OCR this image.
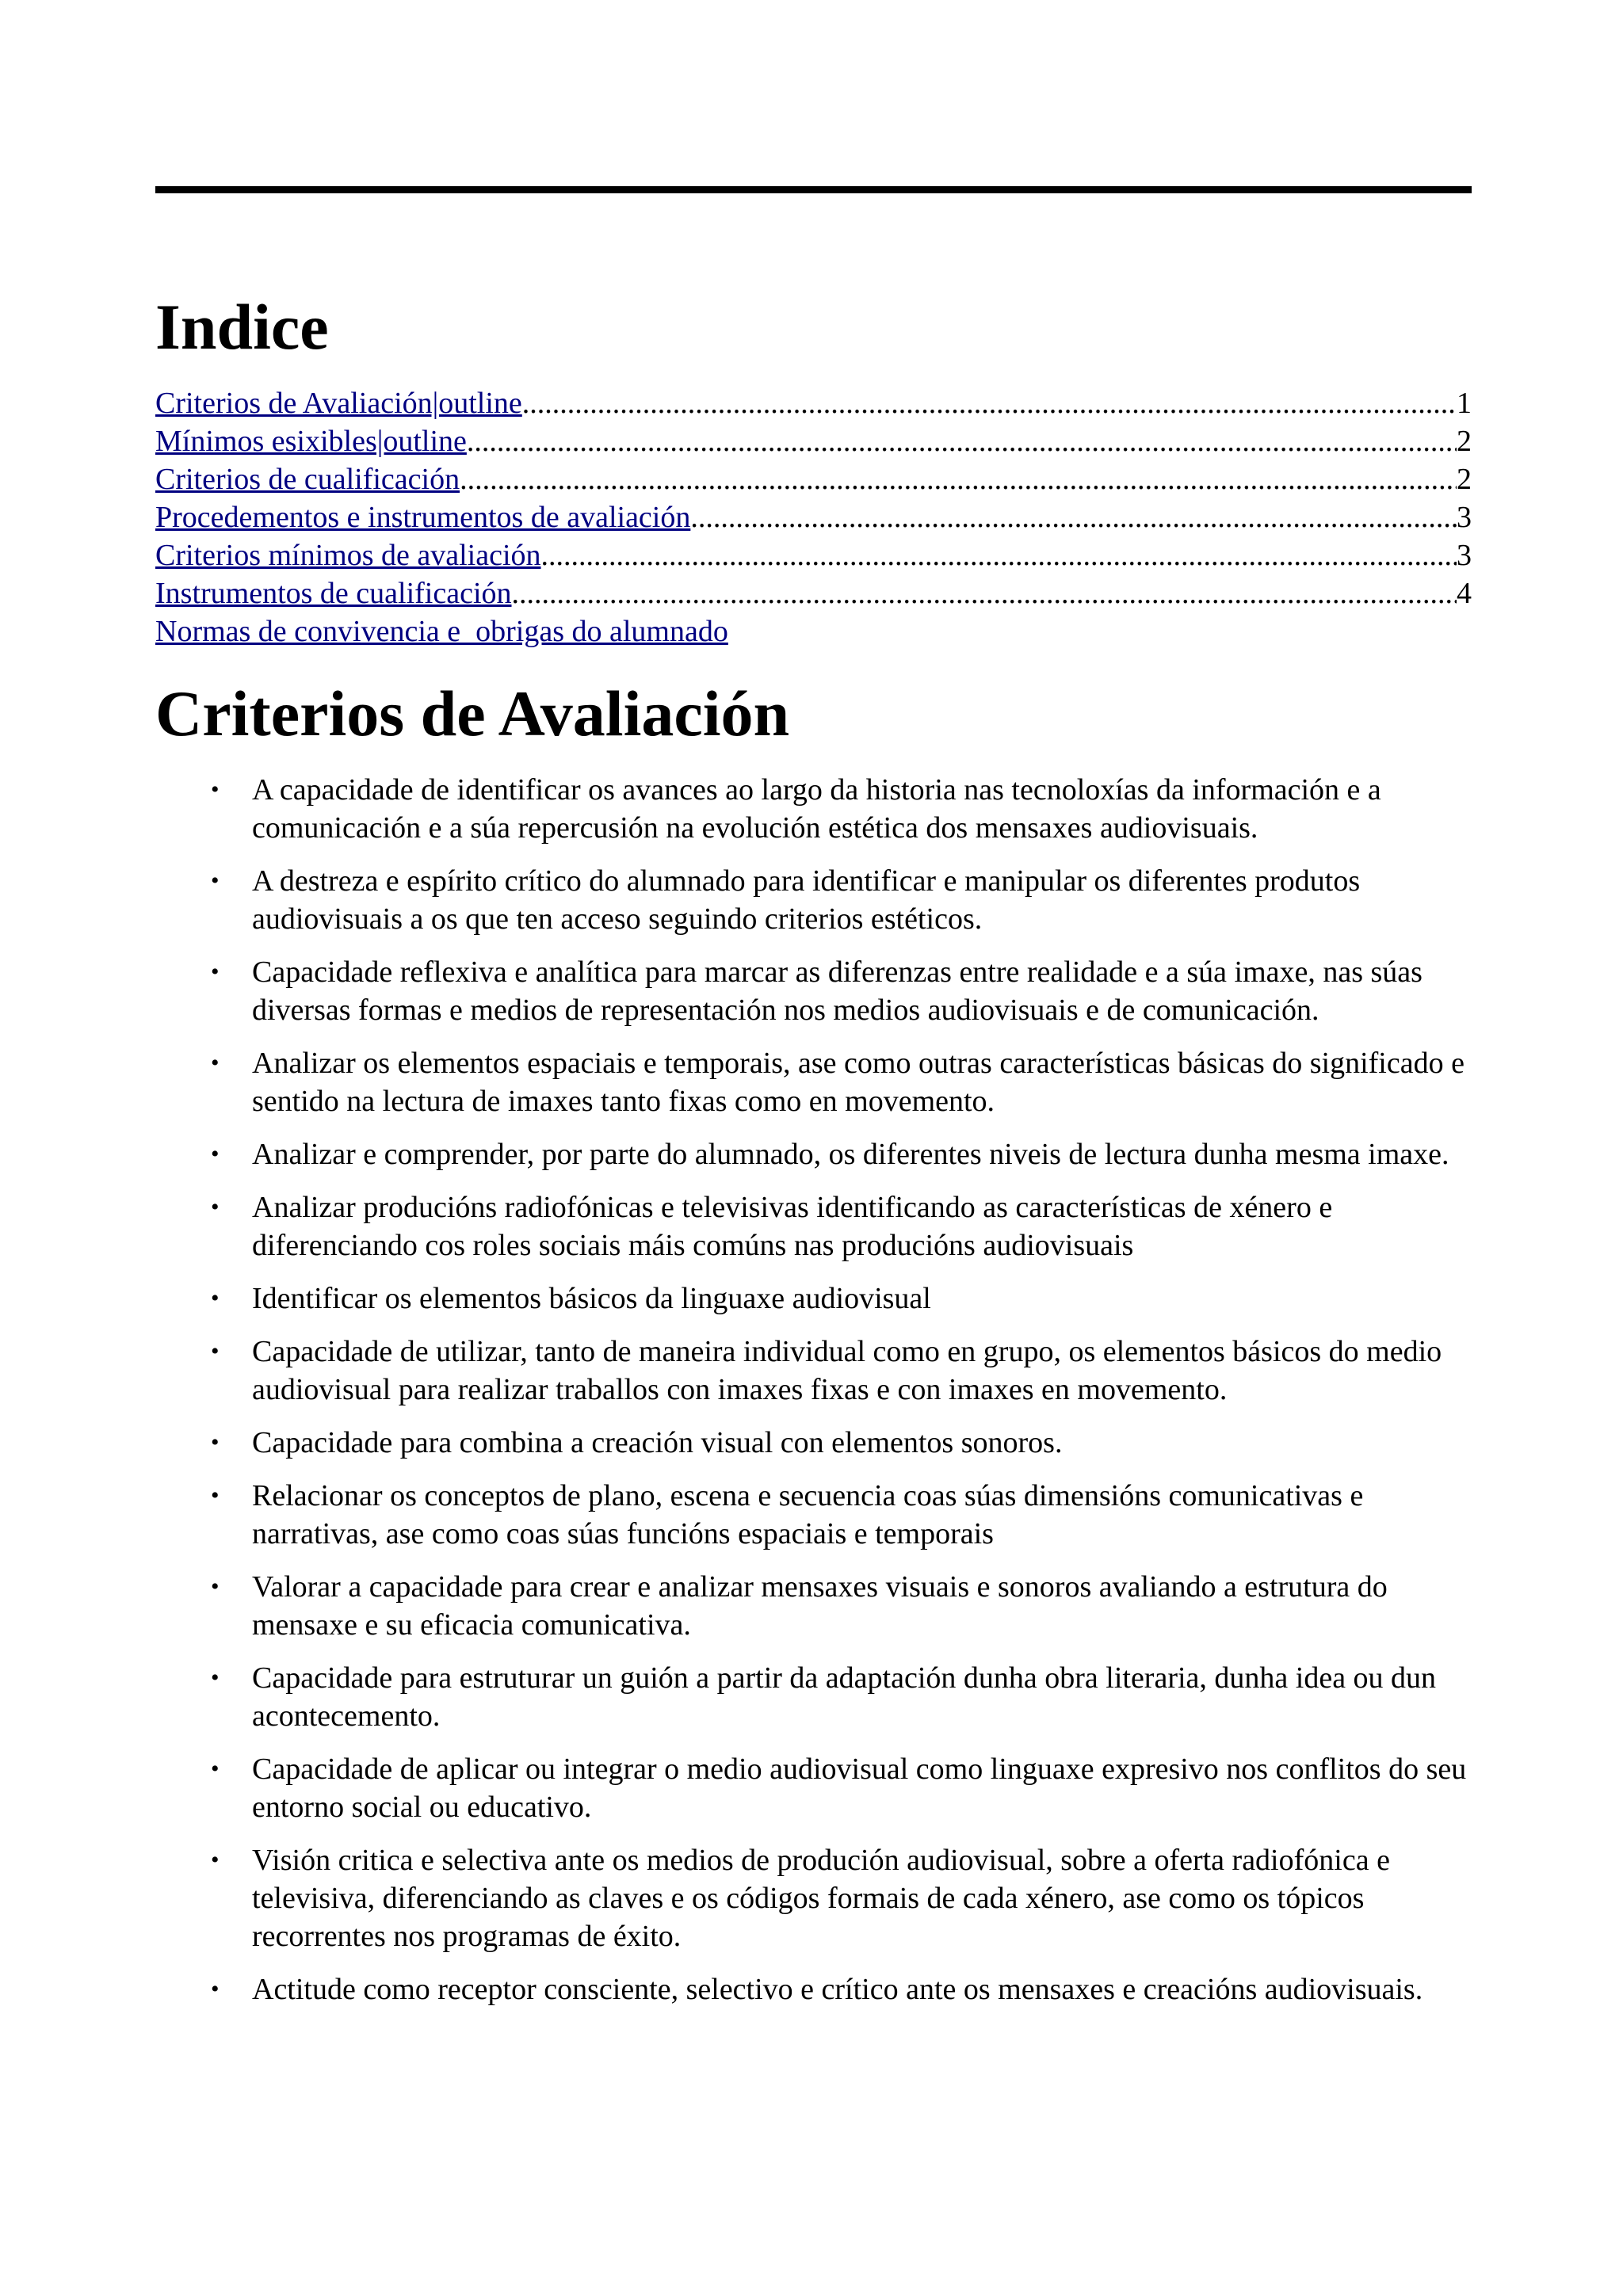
Indice
Criterios de Avaliación|outline .....	1
Mínimos esixibles|outline .....	2
Criterios de cualificación .....	2
Procedementos e instrumentos de avaliación .....	3
Criterios mínimos de avaliación .....	3
Instrumentos de cualificación .....	4
Normas de convivencia e  obrigas do alumnado
Criterios de Avaliación
• A capacidade de identificar os avances ao largo da historia nas tecnoloxías da información e a comunicación e a súa repercusión na evolución estética dos mensaxes audiovisuais.
• A destreza e espírito crítico do alumnado para identificar e manipular os diferentes produtos audiovisuais a os que ten acceso seguindo criterios estéticos.
• Capacidade reflexiva e analítica para marcar as diferenzas entre realidade e a súa imaxe, nas súas diversas formas e medios de representación nos medios audiovisuais e de comunicación.
• Analizar os elementos espaciais e temporais, ase como outras características básicas do significado e sentido na lectura de imaxes tanto fixas como en movemento.
• Analizar e comprender, por parte do alumnado, os diferentes niveis de lectura dunha mesma imaxe.
• Analizar producións radiofónicas e televisivas identificando as características de xénero e diferenciando cos roles sociais máis comúns nas producións audiovisuais
• Identificar os elementos básicos da linguaxe audiovisual
• Capacidade de utilizar, tanto de maneira individual como en grupo, os elementos básicos do medio audiovisual para realizar traballos con imaxes fixas e con imaxes en movemento.
• Capacidade para combina a creación visual con elementos sonoros.
• Relacionar os conceptos de plano, escena e secuencia coas súas dimensións comunicativas e narrativas, ase como coas súas funcións espaciais e temporais
• Valorar a capacidade para crear e analizar mensaxes visuais e sonoros avaliando a estrutura do mensaxe e su eficacia comunicativa.
• Capacidade para estruturar un guión a partir da adaptación dunha obra literaria, dunha idea ou dun acontecemento.
• Capacidade de aplicar ou integrar o medio audiovisual como linguaxe expresivo nos conflitos do seu entorno social ou educativo.
• Visión critica e selectiva ante os medios de produción audiovisual, sobre a oferta radiofónica e televisiva, diferenciando as claves e os códigos formais de cada xénero, ase como os tópicos recorrentes nos programas de éxito.
• Actitude como receptor consciente, selectivo e crítico ante os mensaxes e creacións audiovisuais.
